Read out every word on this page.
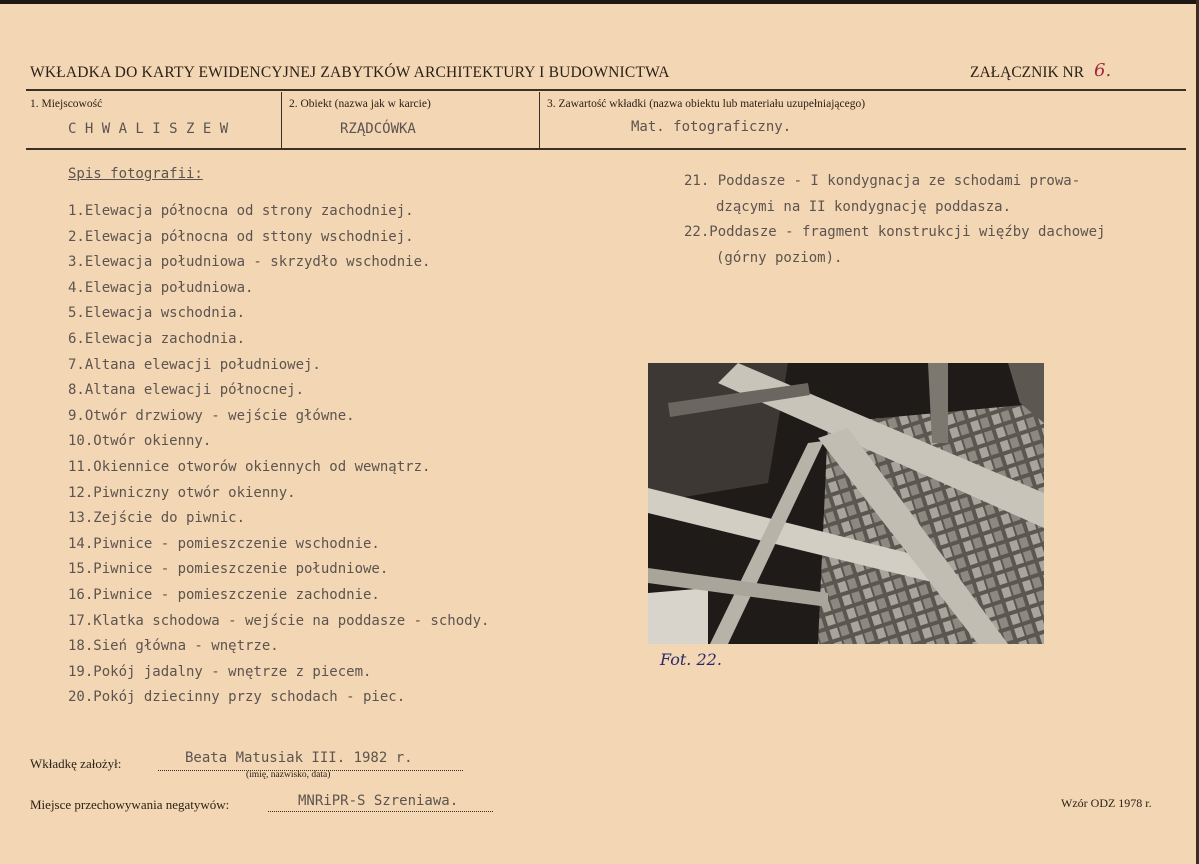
WKŁADKA DO KARTY EWIDENCYJNEJ ZABYTKÓW ARCHITEKTURY I BUDOWNICTWA	ZAŁĄCZNIK NR 6.
1. Miejscowość
C H W A L I S Z E W
2. Obiekt (nazwa jak w karcie)
RZĄDCÓWKA
3. Zawartość wkładki (nazwa obiektu lub materiału uzupełniającego)
Mat. fotograficzny.
Spis fotografii:
1.Elewacja północna od strony zachodniej.
2.Elewacja północna od sttony wschodniej.
3.Elewacja południowa - skrzydło wschodnie.
4.Elewacja południowa.
5.Elewacja wschodnia.
6.Elewacja zachodnia.
7.Altana elewacji południowej.
8.Altana elewacji północnej.
9.Otwór drzwiowy - wejście główne.
10.Otwór okienny.
11.Okiennice otworów okiennych od wewnątrz.
12.Piwniczny otwór okienny.
13.Zejście do piwnic.
14.Piwnice - pomieszczenie wschodnie.
15.Piwnice - pomieszczenie południowe.
16.Piwnice - pomieszczenie zachodnie.
17.Klatka schodowa - wejście na poddasze - schody.
18.Sień główna - wnętrze.
19.Pokój jadalny - wnętrze z piecem.
20.Pokój dziecinny przy schodach - piec.
21. Poddasze - I kondygnacja ze schodami prowa-
dzącymi na II kondygnację poddasza.
22.Poddasze - fragment konstrukcji więźby dachowej
(górny poziom).
Fot. 22.
Wkładkę założył:	Beata Matusiak III. 1982 r.
(imię, nazwisko, data)
Miejsce przechowywania negatywów:	MNRiPR-S Szreniawa.	Wzór ODZ 1978 r.
